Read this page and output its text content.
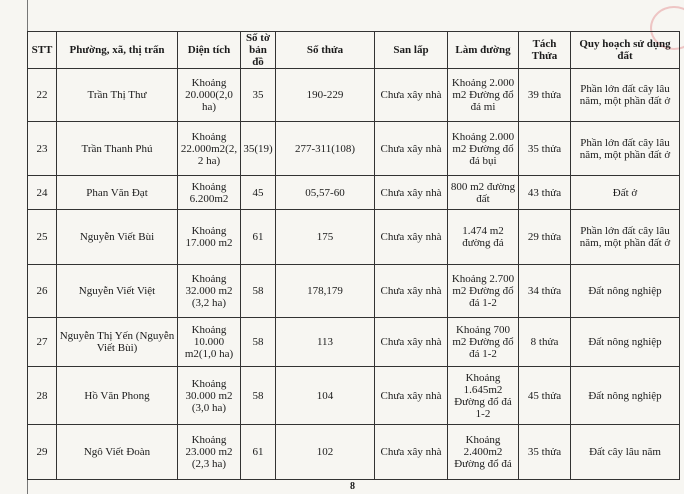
STT	Phường, xã, thị trấn	Diện tích	Số tờ bản đồ	Số thửa	San lấp	Làm đường	Tách Thửa	Quy hoạch sử dụng đất
22	Trần Thị Thư	Khoảng 20.000(2,0 ha)	35	190-229	Chưa xây nhà	Khoảng 2.000 m2 Đường đổ đá mi	39 thửa	Phần lớn đất cây lâu năm, một phần đất ở
23	Trần Thanh Phú	Khoảng 22.000m2(2,2 ha)	35(19)	277-311(108)	Chưa xây nhà	Khoảng 2.000 m2 Đường đổ đá bụi	35 thửa	Phần lớn đất cây lâu năm, một phần đất ở
24	Phan Văn Đạt	Khoảng 6.200m2	45	05,57-60	Chưa xây nhà	800 m2 đường đất	43 thửa	Đất ở
25	Nguyễn Viết Bùi	Khoảng 17.000 m2	61	175	Chưa xây nhà	1.474 m2 đường đá	29 thửa	Phần lớn đất cây lâu năm, một phần đất ở
26	Nguyễn Viết Việt	Khoảng 32.000 m2 (3,2 ha)	58	178,179	Chưa xây nhà	Khoảng 2.700 m2 Đường đổ đá 1-2	34 thửa	Đất nông nghiệp
27	Nguyễn Thị Yến (Nguyễn Viết Bùi)	Khoảng 10.000 m2(1,0 ha)	58	113	Chưa xây nhà	Khoảng 700 m2 Đường đổ đá 1-2	8 thửa	Đất nông nghiệp
28	Hồ Văn Phong	Khoảng 30.000 m2 (3,0 ha)	58	104	Chưa xây nhà	Khoảng 1.645m2 Đường đổ đá 1-2	45 thửa	Đất nông nghiệp
29	Ngô Viết Đoàn	Khoảng 23.000 m2 (2,3 ha)	61	102	Chưa xây nhà	Khoảng 2.400m2 Đường đổ đá	35 thửa	Đất cây lâu năm
8
